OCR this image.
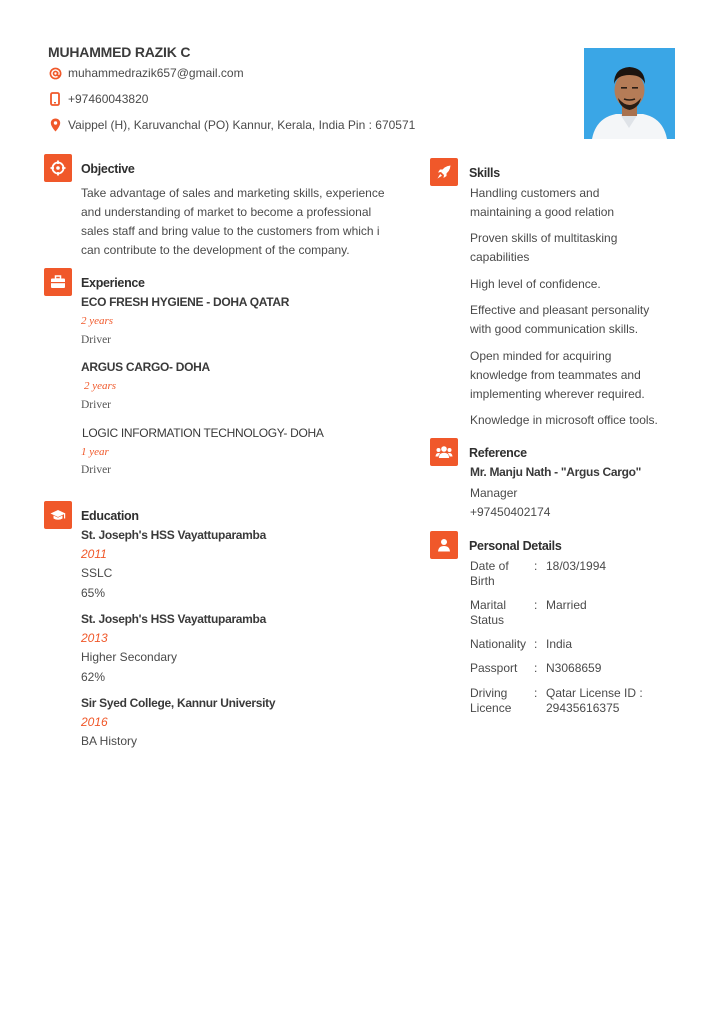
MUHAMMED RAZIK C
muhammedrazik657@gmail.com
+97460043820
Vaippel (H), Karuvanchal (PO) Kannur, Kerala, India Pin : 670571
Objective
Take advantage of sales and marketing skills, experience
and understanding of market to become a professional
sales staff and bring value to the customers from which i
can contribute to the development of the company.
Experience
ECO FRESH HYGIENE - DOHA QATAR
2 years
Driver
ARGUS CARGO- DOHA
2 years
Driver
LOGIC INFORMATION TECHNOLOGY- DOHA
1 year
Driver
Education
St. Joseph's HSS Vayattuparamba
2011
SSLC
65%
St. Joseph's HSS Vayattuparamba
2013
Higher Secondary
62%
Sir Syed College, Kannur University
2016
BA History
Skills
Handling customers and
maintaining a good relation
Proven skills of multitasking
capabilities
High level of confidence.
Effective and pleasant personality
with good communication skills.
Open minded for acquiring
knowledge from teammates and
implementing wherever required.
Knowledge in microsoft office tools.
Reference
Mr. Manju Nath - "Argus Cargo"
Manager
+97450402174
Personal Details
Date of
Birth
: 18/03/1994
Marital
Status
: Married
Nationality : India
Passport	: N3068659
Driving
Licence
: Qatar License ID :
29435616375
